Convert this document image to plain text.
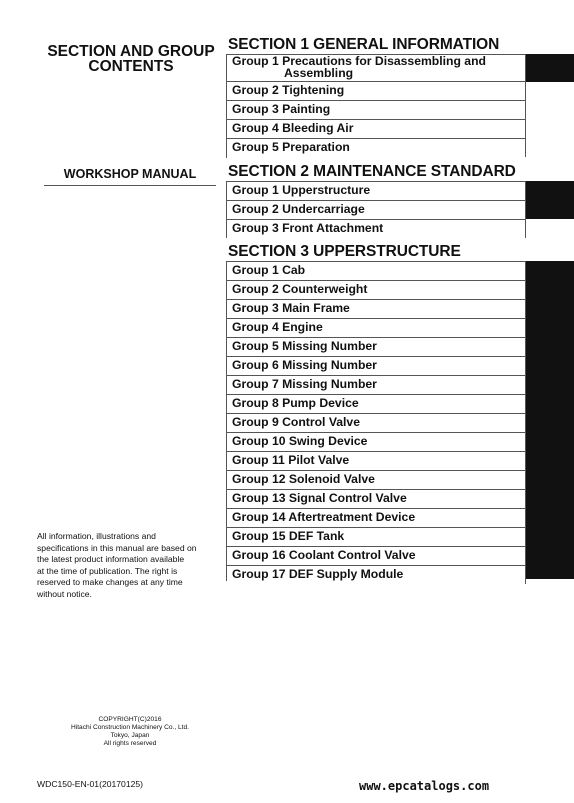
SECTION AND GROUP
CONTENTS
WORKSHOP MANUAL
All information, illustrations and
specifications in this manual are based on
the latest product information available
at the time of publication. The right is
reserved to make changes at any time
without notice.
COPYRIGHT(C)2016
Hitachi Construction Machinery Co., Ltd.
Tokyo, Japan
All rights reserved
WDC150-EN-01(20170125)	www.epcatalogs.com
SECTION 1 GENERAL INFORMATION
Group 1 Precautions for Disassembling and
Assembling
Group 2 Tightening
Group 3 Painting
Group 4 Bleeding Air
Group 5 Preparation
SECTION 2 MAINTENANCE STANDARD
Group 1 Upperstructure
Group 2 Undercarriage
Group 3 Front Attachment
SECTION 3 UPPERSTRUCTURE
Group 1 Cab
Group 2 Counterweight
Group 3 Main Frame
Group 4 Engine
Group 5 Missing Number
Group 6 Missing Number
Group 7 Missing Number
Group 8 Pump Device
Group 9 Control Valve
Group 10 Swing Device
Group 11 Pilot Valve
Group 12 Solenoid Valve
Group 13 Signal Control Valve
Group 14 Aftertreatment Device
Group 15 DEF Tank
Group 16 Coolant Control Valve
Group 17 DEF Supply Module
